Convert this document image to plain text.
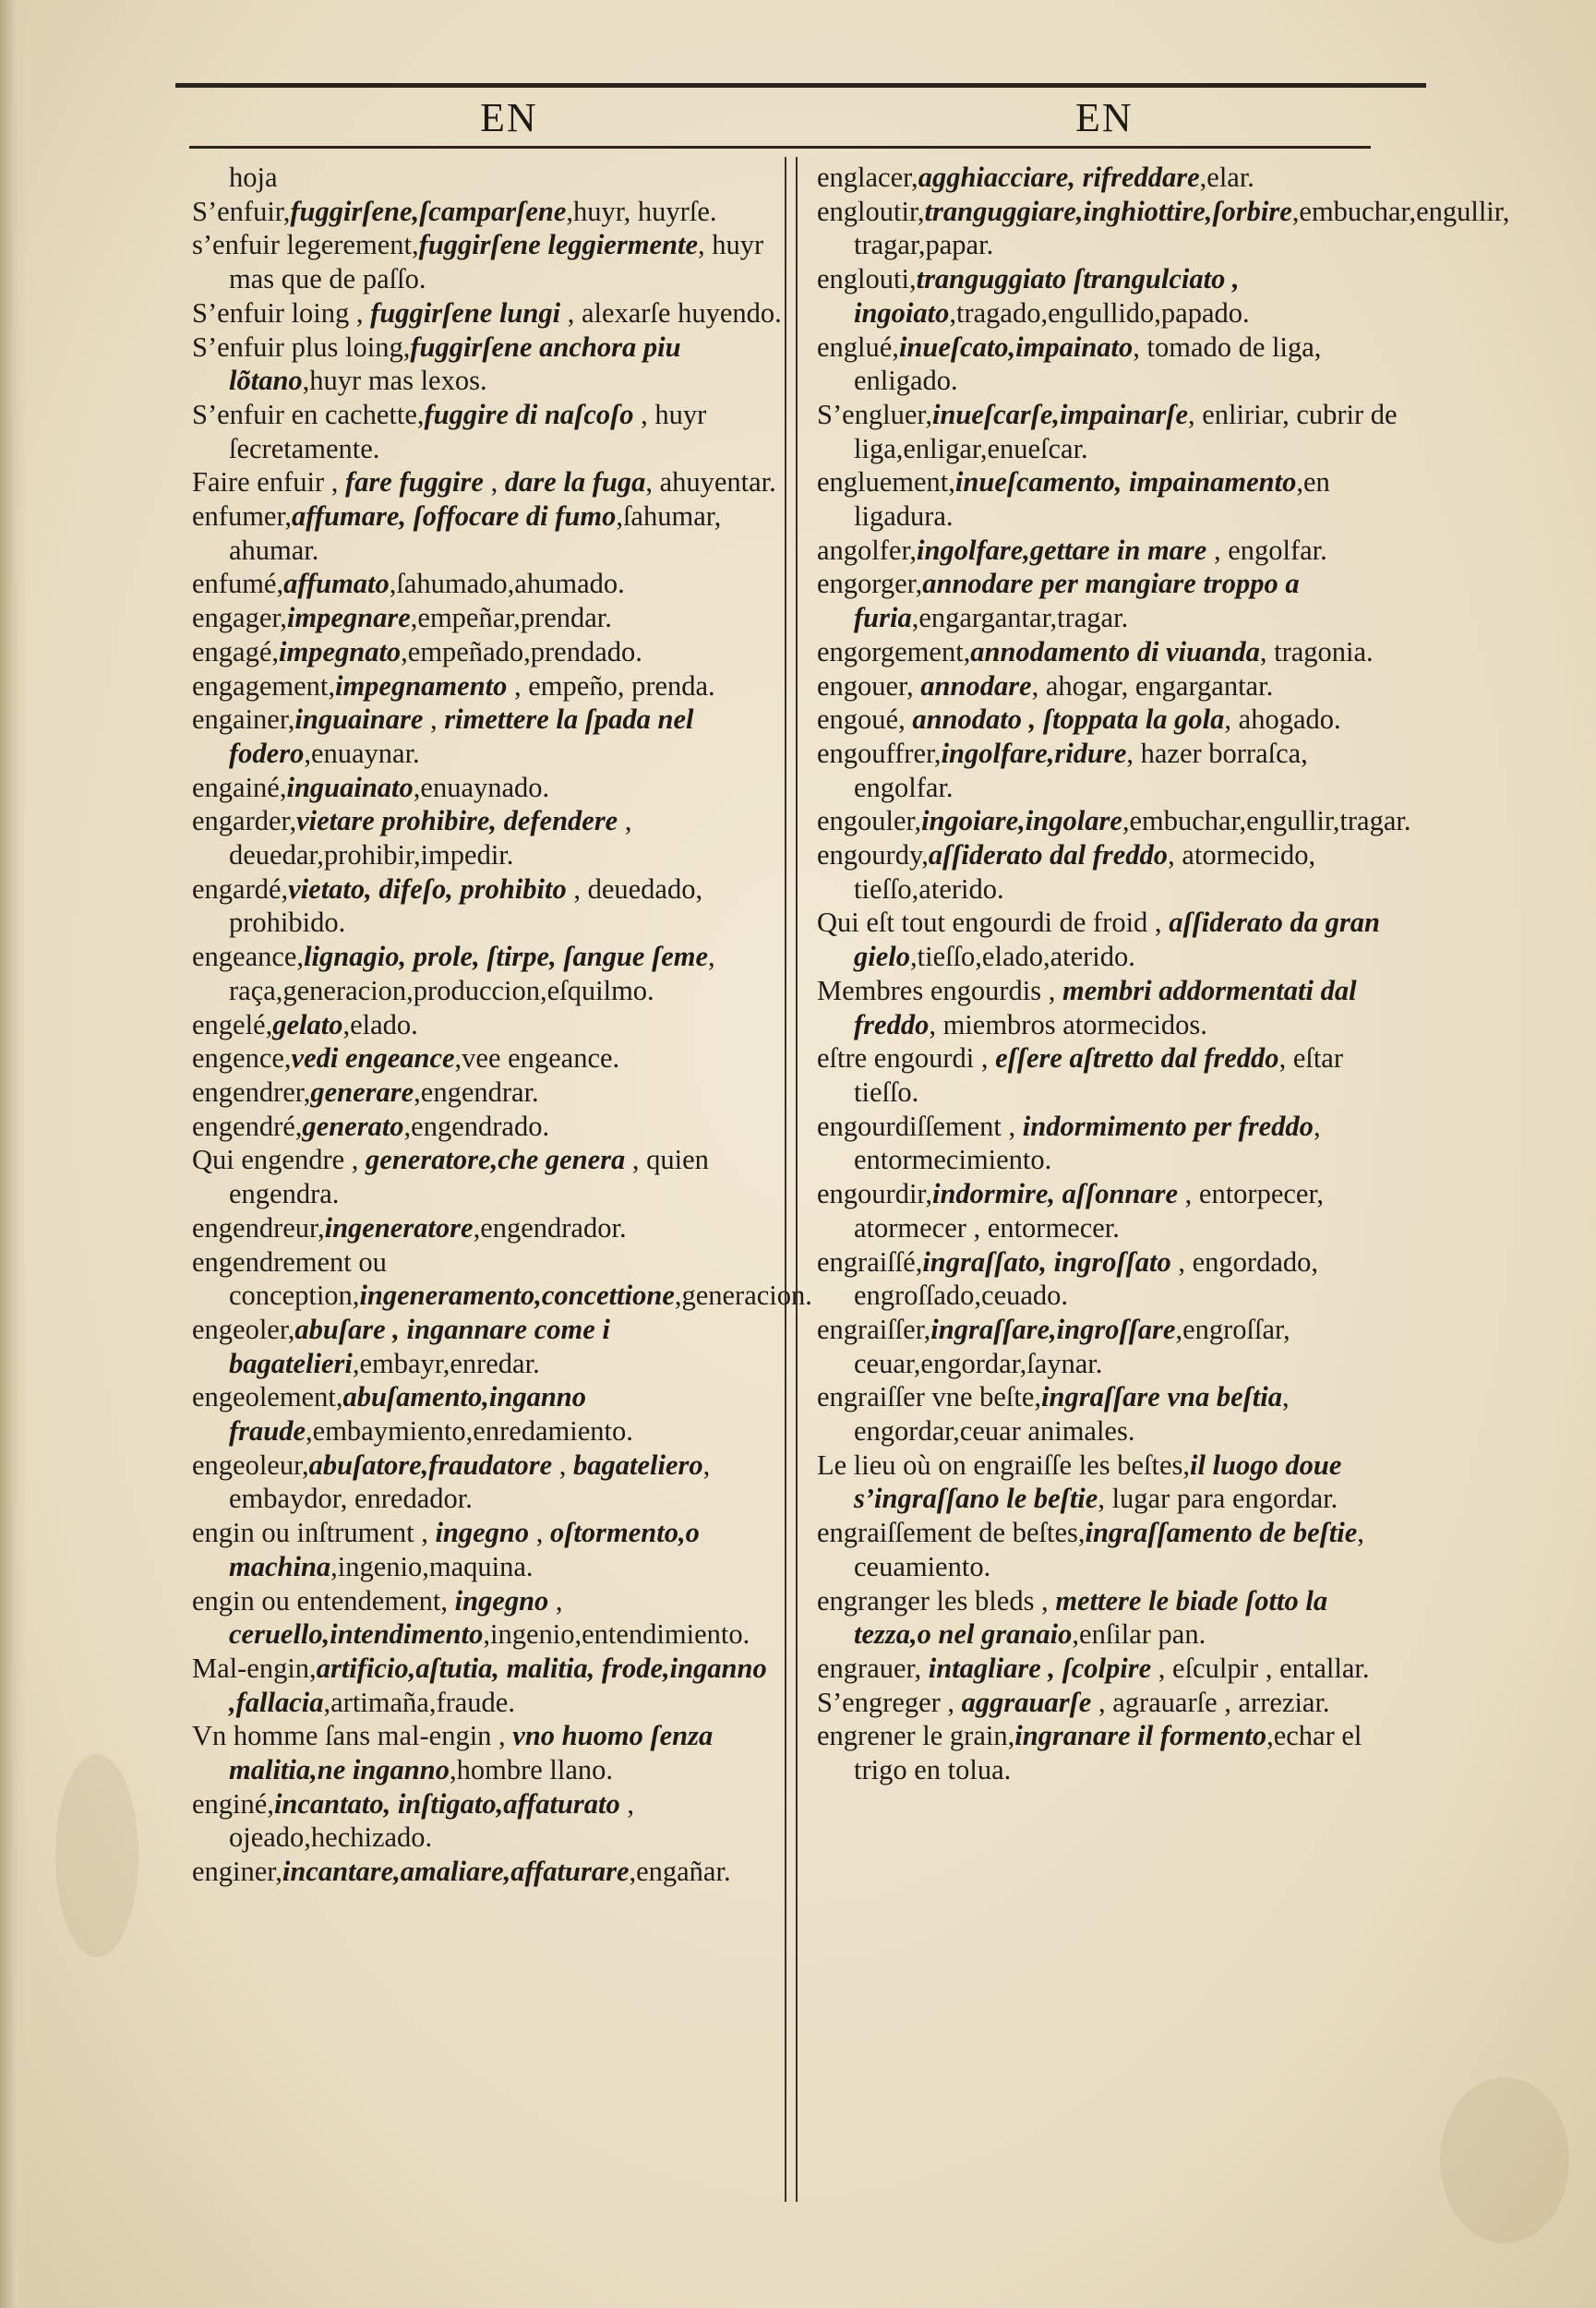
EN	EN

hoja

S’enfuir,fuggirſene,ſcamparſene,huyr, huyrſe.

s’enfuir legerement,fuggirſene leggiermente, huyr mas que de paſſo.

S’enfuir loing , fuggirſene lungi , alexarſe huyendo.

S’enfuir plus loing,fuggirſene anchora piu lõtano,huyr mas lexos.

S’enfuir en cachette,fuggire di naſcoſo , huyr ſecretamente.

Faire enfuir , fare fuggire , dare la fuga, ahuyentar.

enfumer,affumare, ſoffocare di fumo,ſahumar, ahumar.

enfumé,affumato,ſahumado,ahumado.

engager,impegnare,empeñar,prendar.

engagé,impegnato,empeñado,prendado.

engagement,impegnamento , empeño, prenda.

engainer,inguainare , rimettere la ſpada nel fodero,enuaynar.

engainé,inguainato,enuaynado.

engarder,vietare prohibire, defendere , deuedar,prohibir,impedir.

engardé,vietato, difeſo, prohibito , deuedado, prohibido.

engeance,lignagio, prole, ſtirpe, ſangue ſeme, raça,generacion,produccion,eſquilmo.

engelé,gelato,elado.

engence,vedi engeance,vee engeance.

engendrer,generare,engendrar.

engendré,generato,engendrado.

Qui engendre , generatore,che genera , quien engendra.

engendreur,ingeneratore,engendrador.

engendrement ou conception,ingeneramento,concettione,generacion.

engeoler,abuſare , ingannare come i bagatelieri,embayr,enredar.

engeolement,abuſamento,inganno fraude,embaymiento,enredamiento.

engeoleur,abuſatore,fraudatore , bagateliero, embaydor, enredador.

engin ou inſtrument , ingegno , oſtormento,o machina,ingenio,maquina.

engin ou entendement, ingegno , ceruello,intendimento,ingenio,entendimiento.

Mal-engin,artificio,aſtutia, malitia, frode,inganno ,fallacia,artimaña,fraude.

Vn homme ſans mal-engin , vno huomo ſenza malitia,ne inganno,hombre llano.

enginé,incantato, inſtigato,affaturato , ojeado,hechizado.

enginer,incantare,amaliare,affaturare,engañar.

englacer,agghiacciare, rifreddare,elar.

engloutir,tranguggiare,inghiottire,ſorbire,embuchar,engullir, tragar,papar.

englouti,tranguggiato ſtrangulciato , ingoiato,tragado,engullido,papado.

englué,inueſcato,impainato, tomado de liga, enligado.

S’engluer,inueſcarſe,impainarſe, enliriar, cubrir de liga,enligar,enueſcar.

engluement,inueſcamento, impainamento,en ligadura.

angolfer,ingolfare,gettare in mare , engolfar.

engorger,annodare per mangiare troppo a furia,engargantar,tragar.

engorgement,annodamento di viuanda, tragonia.

engouer, annodare, ahogar, engargantar.

engoué, annodato , ſtoppata la gola, ahogado.

engouffrer,ingolfare,ridure, hazer borraſca, engolfar.

engouler,ingoiare,ingolare,embuchar,engullir,tragar.

engourdy,aſſiderato dal freddo, atormecido, tieſſo,aterido.

Qui eſt tout engourdi de froid , aſſiderato da gran gielo,tieſſo,elado,aterido.

Membres engourdis , membri addormentati dal freddo, miembros atormecidos.

eſtre engourdi , eſſere aſtretto dal freddo, eſtar tieſſo.

engourdiſſement , indormimento per freddo, entormecimiento.

engourdir,indormire, aſſonnare , entorpecer, atormecer , entormecer.

engraiſſé,ingraſſato, ingroſſato , engordado, engroſſado,ceuado.

engraiſſer,ingraſſare,ingroſſare,engroſſar, ceuar,engordar,ſaynar.

engraiſſer vne beſte,ingraſſare vna beſtia, engordar,ceuar animales.

Le lieu où on engraiſſe les beſtes,il luogo doue s’ingraſſano le beſtie, lugar para engordar.

engraiſſement de beſtes,ingraſſamento de beſtie, ceuamiento.

engranger les bleds , mettere le biade ſotto la tezza,o nel granaio,enſilar pan.

engrauer, intagliare , ſcolpire , eſculpir , entallar.

S’engreger , aggrauarſe , agrauarſe , arreziar.

engrener le grain,ingranare il formento,echar el trigo en tolua.
